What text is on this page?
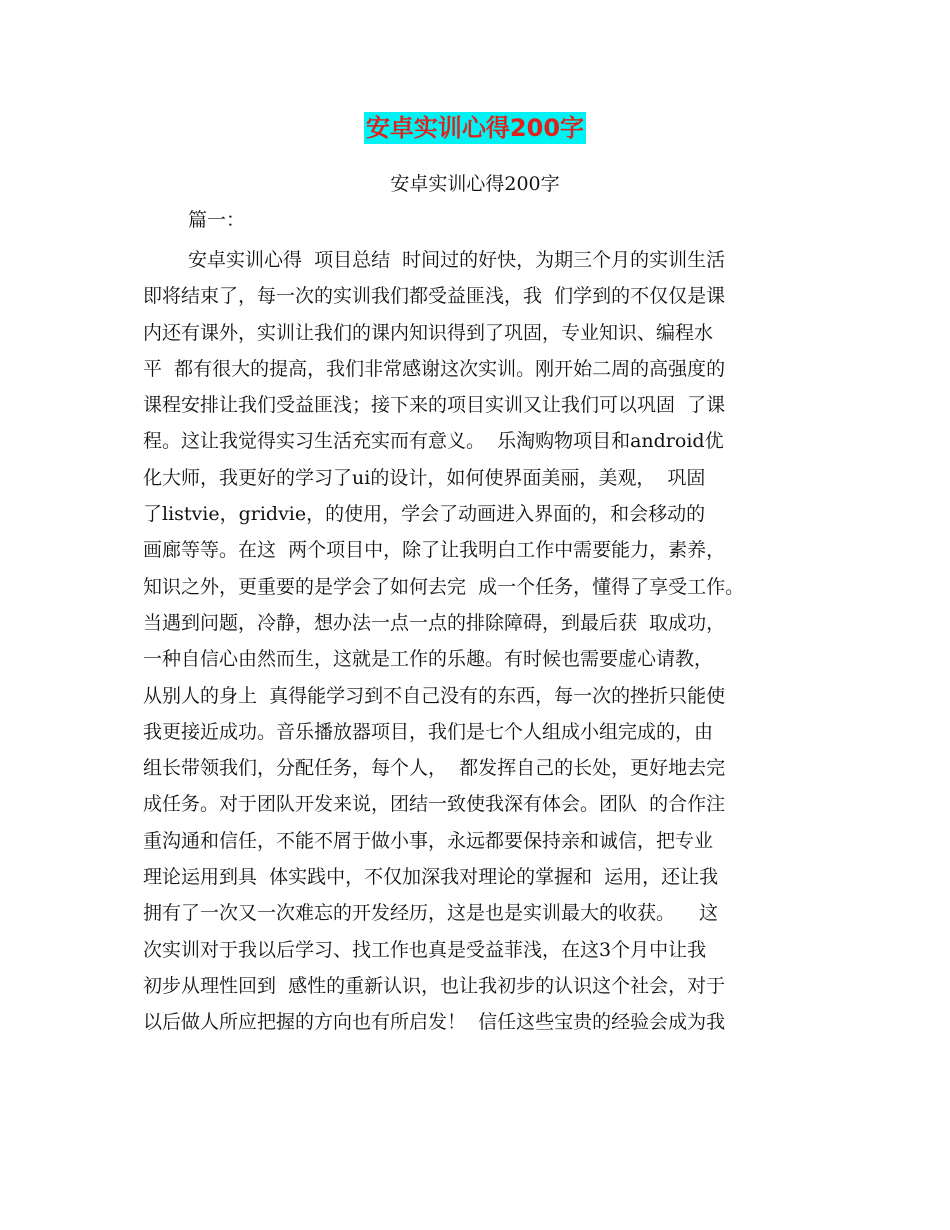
安卓实训心得200字
安卓实训心得200字
篇一：
安卓实训心得  项目总结  时间过的好快，为期三个月的实训生活
即将结束了，每一次的实训我们都受益匪浅，我  们学到的不仅仅是课
内还有课外，实训让我们的课内知识得到了巩固，专业知识、编程水
平  都有很大的提高，我们非常感谢这次实训。刚开始二周的高强度的
课程安排让我们受益匪浅；接下来的项目实训又让我们可以巩固  了课
程。这让我觉得实习生活充实而有意义。  乐淘购物项目和android优
化大师，我更好的学习了ui的设计，如何使界面美丽，美观，  巩固
了listvie，gridvie，的使用，学会了动画进入界面的，和会移动的
画廊等等。在这  两个项目中，除了让我明白工作中需要能力，素养，
知识之外，更重要的是学会了如何去完  成一个任务，懂得了享受工作。
当遇到问题，冷静，想办法一点一点的排除障碍，到最后获  取成功，
一种自信心由然而生，这就是工作的乐趣。有时候也需要虚心请教，
从别人的身上  真得能学习到不自己没有的东西，每一次的挫折只能使
我更接近成功。音乐播放器项目，我们是七个人组成小组完成的，由
组长带领我们，分配任务，每个人，  都发挥自己的长处，更好地去完
成任务。对于团队开发来说，团结一致使我深有体会。团队  的合作注
重沟通和信任，不能不屑于做小事，永远都要保持亲和诚信，把专业
理论运用到具  体实践中，不仅加深我对理论的掌握和  运用，还让我
拥有了一次又一次难忘的开发经历，这是也是实训最大的收获。    这
次实训对于我以后学习、找工作也真是受益菲浅，在这3个月中让我
初步从理性回到  感性的重新认识，也让我初步的认识这个社会，对于
以后做人所应把握的方向也有所启发！  信任这些宝贵的经验会成为我
